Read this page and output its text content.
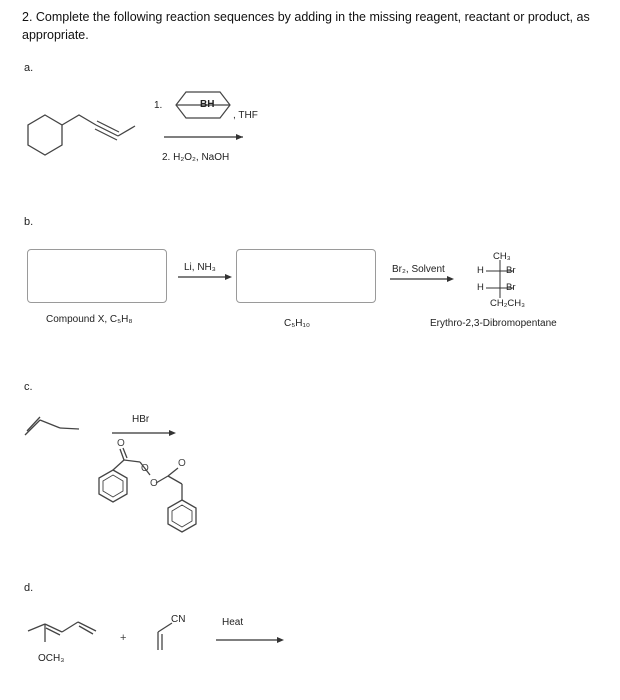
2. Complete the following reaction sequences by adding in the missing reagent, reactant or product, as appropriate.
a.
1.	BH
, THF
2. H₂O₂, NaOH
b.
Li, NH₃	Br₂, Solvent
CH₃
H Br
H Br
CH₂CH₃
Compound X, C₅H₈	C₅H₁₀	Erythro-2,3-Dibromopentane
c.
O
O
O
O
HBr
d.
+
OCH₃
CN	Heat
